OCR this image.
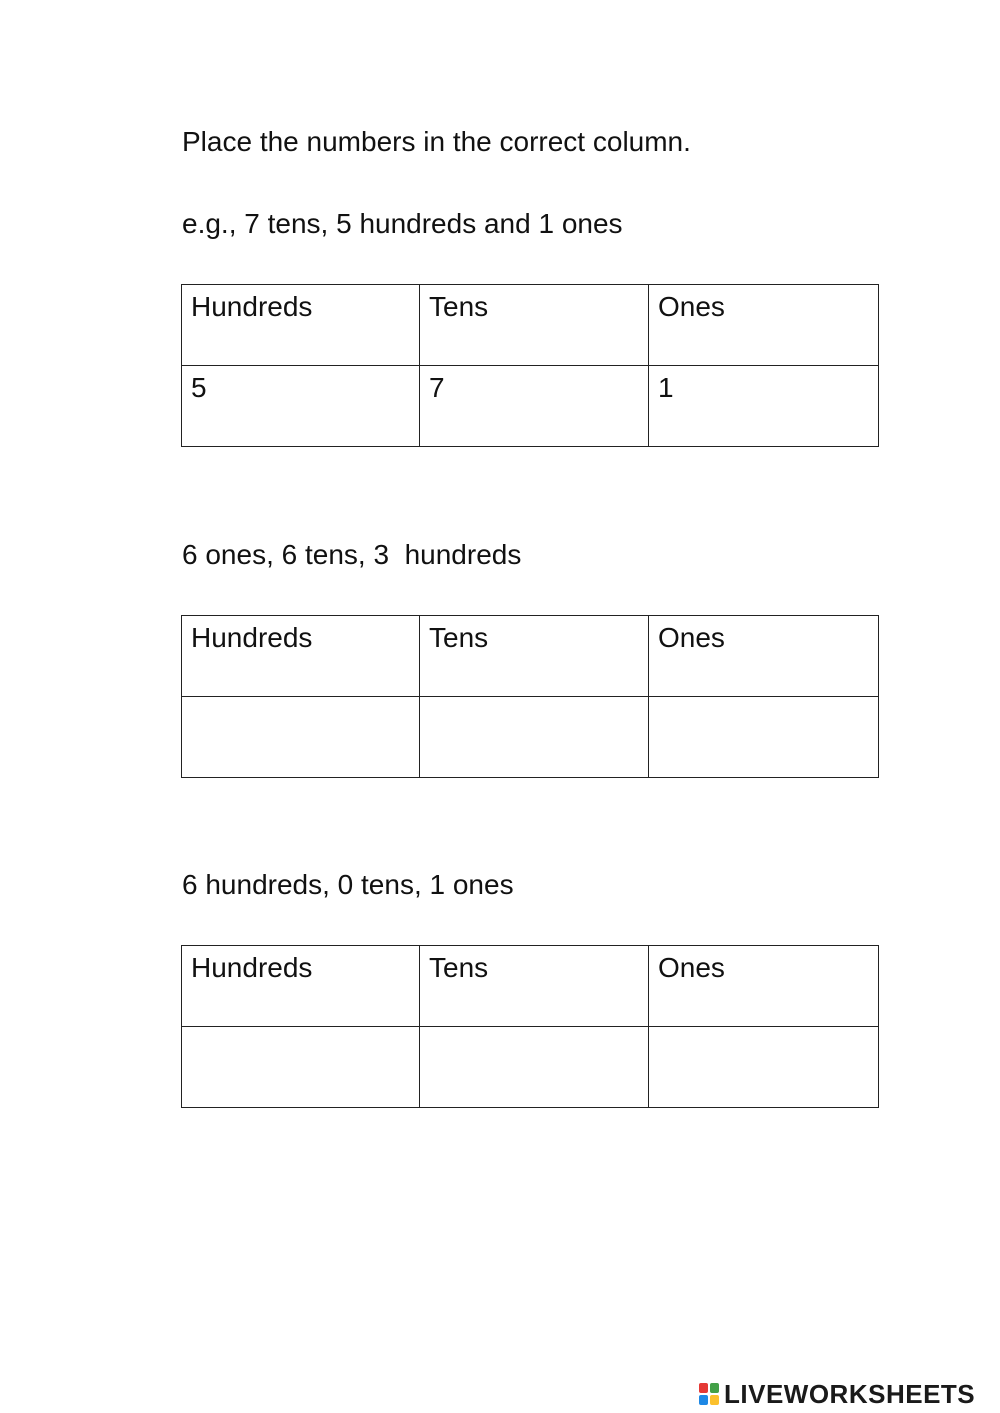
Place the numbers in the correct column.
e.g., 7 tens, 5 hundreds and 1 ones
Hundreds	Tens	Ones
5	7	1
6 ones, 6 tens, 3  hundreds
Hundreds	Tens	Ones

6 hundreds, 0 tens, 1 ones
Hundreds	Tens	Ones

LIVEWORKSHEETS
